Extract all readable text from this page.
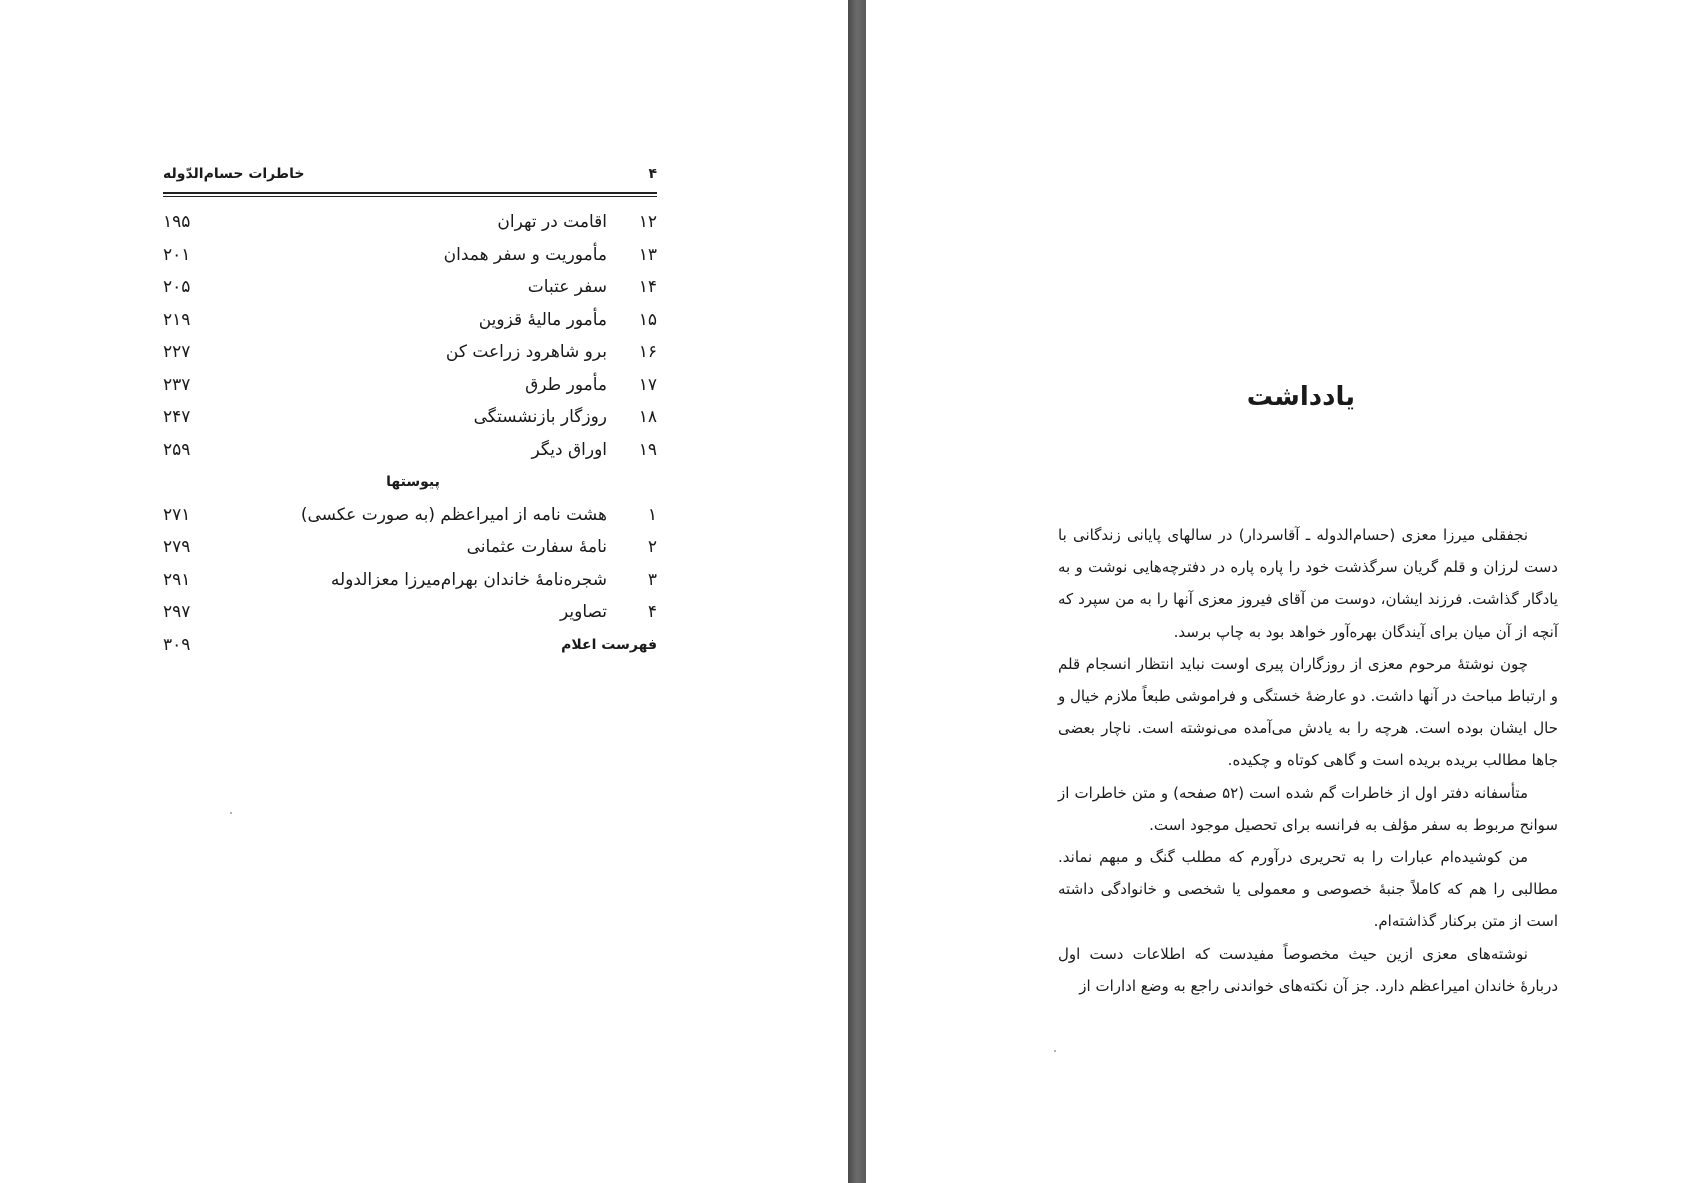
۴
خاطرات حسام‌الدّوله
۱۲
اقامت در تهران
۱۹۵
۱۳
مأموریت و سفر همدان
۲۰۱
۱۴
سفر عتبات
۲۰۵
۱۵
مأمور مالیهٔ قزوین
۲۱۹
۱۶
برو شاهرود زراعت کن
۲۲۷
۱۷
مأمور طرق
۲۳۷
۱۸
روزگار بازنشستگی
۲۴۷
۱۹
اوراق دیگر
۲۵۹
پیوستها
۱
هشت نامه از امیراعظم (به صورت عکسی)
۲۷۱
۲
نامهٔ سفارت عثمانی
۲۷۹
۳
شجره‌نامهٔ خاندان بهرام‌میرزا معزالدوله
۲۹۱
۴
تصاویر
۲۹۷
فهرست اعلام
۳۰۹
یادداشت

نجفقلی میرزا معزی (حسام‌الدوله ـ آقاسردار) در سالهای پایانی زندگانی با دست لرزان و قلم گریان سرگذشت خود را پاره پاره در دفترچه‌هایی نوشت و به یادگار گذاشت. فرزند ایشان، دوست من آقای فیروز معزی آنها را به من سپرد که آنچه از آن میان برای آیندگان بهره‌آور خواهد بود به چاپ برسد.

چون نوشتهٔ مرحوم معزی از روزگاران پیری اوست نباید انتظار انسجام قلم و ارتباط مباحث در آنها داشت. دو عارضهٔ خستگی و فراموشی طبعاً ملازم خیال و حال ایشان بوده است. هرچه را به یادش می‌آمده می‌نوشته است. ناچار بعضی جاها مطالب بریده بریده است و گاهی کوتاه و چکیده.

متأسفانه دفتر اول از خاطرات گم شده است (۵۲ صفحه) و متن خاطرات از سوانح مربوط به سفر مؤلف به فرانسه برای تحصیل موجود است.

من کوشیده‌ام عبارات را به تحریری درآورم که مطلب گنگ و مبهم نماند. مطالبی را هم که کاملاً جنبهٔ خصوصی و معمولی یا شخصی و خانوادگی داشته است از متن برکنار گذاشته‌ام.

نوشته‌های معزی ازین حیث مخصوصاً مفیدست که اطلاعات دست اول دربارهٔ خاندان امیراعظم دارد. جز آن نکته‌های خواندنی راجع به وضع ادارات از
